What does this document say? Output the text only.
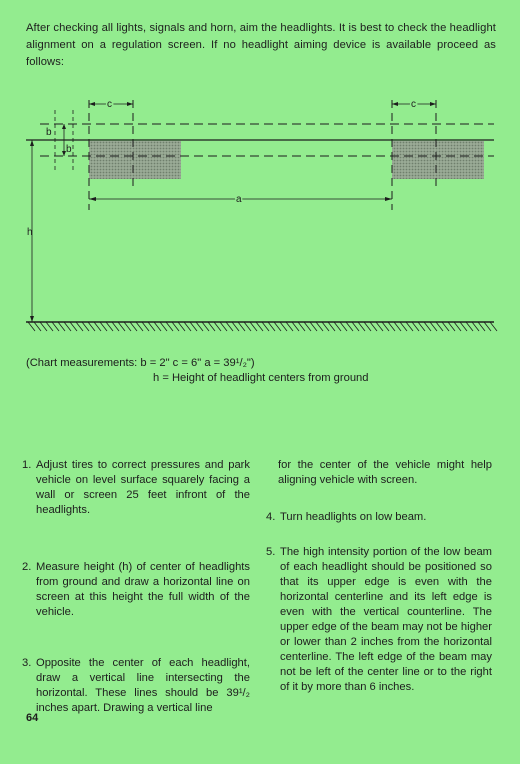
After checking all lights, signals and horn, aim the headlights. It is best to check the headlight alignment on a regulation screen. If no headlight aiming device is available proceed as follows:

b
b
c	c
a
h
(Chart measurements: b = 2" c = 6" a = 39¹/₂")
h = Height of headlight centers from ground
1. Adjust tires to correct pressures and park vehicle on level surface squarely facing a wall or screen 25 feet infront of the headlights.
2. Measure height (h) of center of headlights from ground and draw a horizontal line on screen at this height the full width of the vehicle.
3. Opposite the center of each headlight, draw a vertical line intersecting the horizontal. These lines should be 39¹/₂ inches apart. Drawing a vertical line

for the center of the vehicle might help aligning vehicle with screen.

4. Turn headlights on low beam.
5. The high intensity portion of the low beam of each headlight should be positioned so that its upper edge is even with the horizontal centerline and its left edge is even with the vertical counterline. The upper edge of the beam may not be higher or lower than 2 inches from the horizontal centerline. The left edge of the beam may not be left of the center line or to the right of it by more than 6 inches.
64
